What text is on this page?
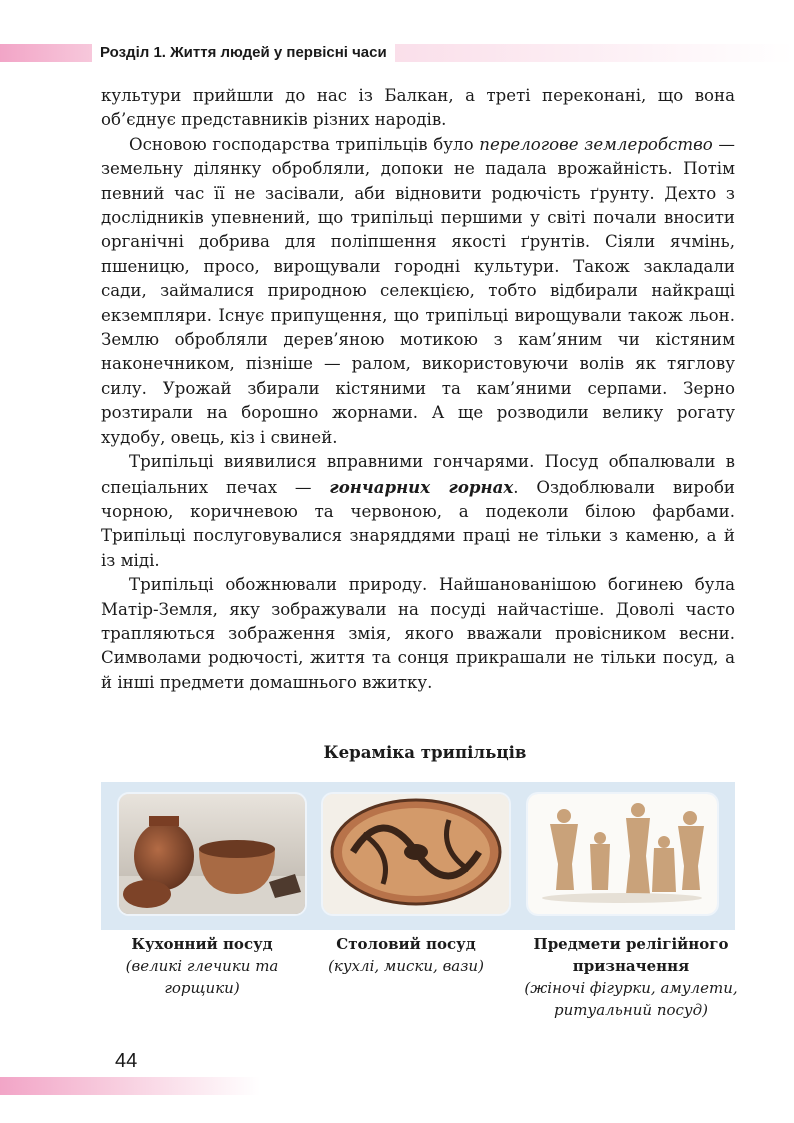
Розділ 1. Життя людей у первісні часи

культури прийшли до нас із Балкан, а треті переконані, що вона об’єднує представників різних народів.

Основою господарства трипільців було перелогове землеробство — земельну ділянку обробляли, допоки не падала врожайність. Потім певний час її не засівали, аби відновити родючість ґрунту. Дехто з дослідників упевнений, що трипільці першими у світі почали вносити органічні добрива для поліпшення якості ґрунтів. Сіяли ячмінь, пшеницю, просо, вирощували городні культури. Також закладали сади, займалися природною селекцією, тобто відбирали найкращі екземпляри. Існує припущення, що трипільці вирощували також льон. Землю обробляли дерев’яною мотикою з кам’яним чи кістяним наконечником, пізніше — ралом, використовуючи волів як тяглову силу. Урожай збирали кістяними та кам’яними серпами. Зерно розтирали на борошно жорнами. А ще розводили велику рогату худобу, овець, кіз і свиней.

Трипільці виявилися вправними гончарями. Посуд обпалювали в спеціальних печах — гончарних горнах. Оздоблювали вироби чорною, коричневою та червоною, а подеколи білою фарбами. Трипільці послуговувалися знаряддями праці не тільки з каменю, а й із міді.

Трипільці обожнювали природу. Найшанованішою богинею була Матір-Земля, яку зображували на посуді найчастіше. Доволі часто трапляються зображення змія, якого вважали провісником весни. Символами родючості, життя та сонця прикрашали не тільки посуд, а й інші предмети домашнього вжитку.

Кераміка трипільців
Кухонний посуд
(великі глечики та горщики)
Столовий посуд
(кухлі, миски, вази)
Предмети релігійного призначення
(жіночі фігурки, амулети, ритуальний посуд)
44
